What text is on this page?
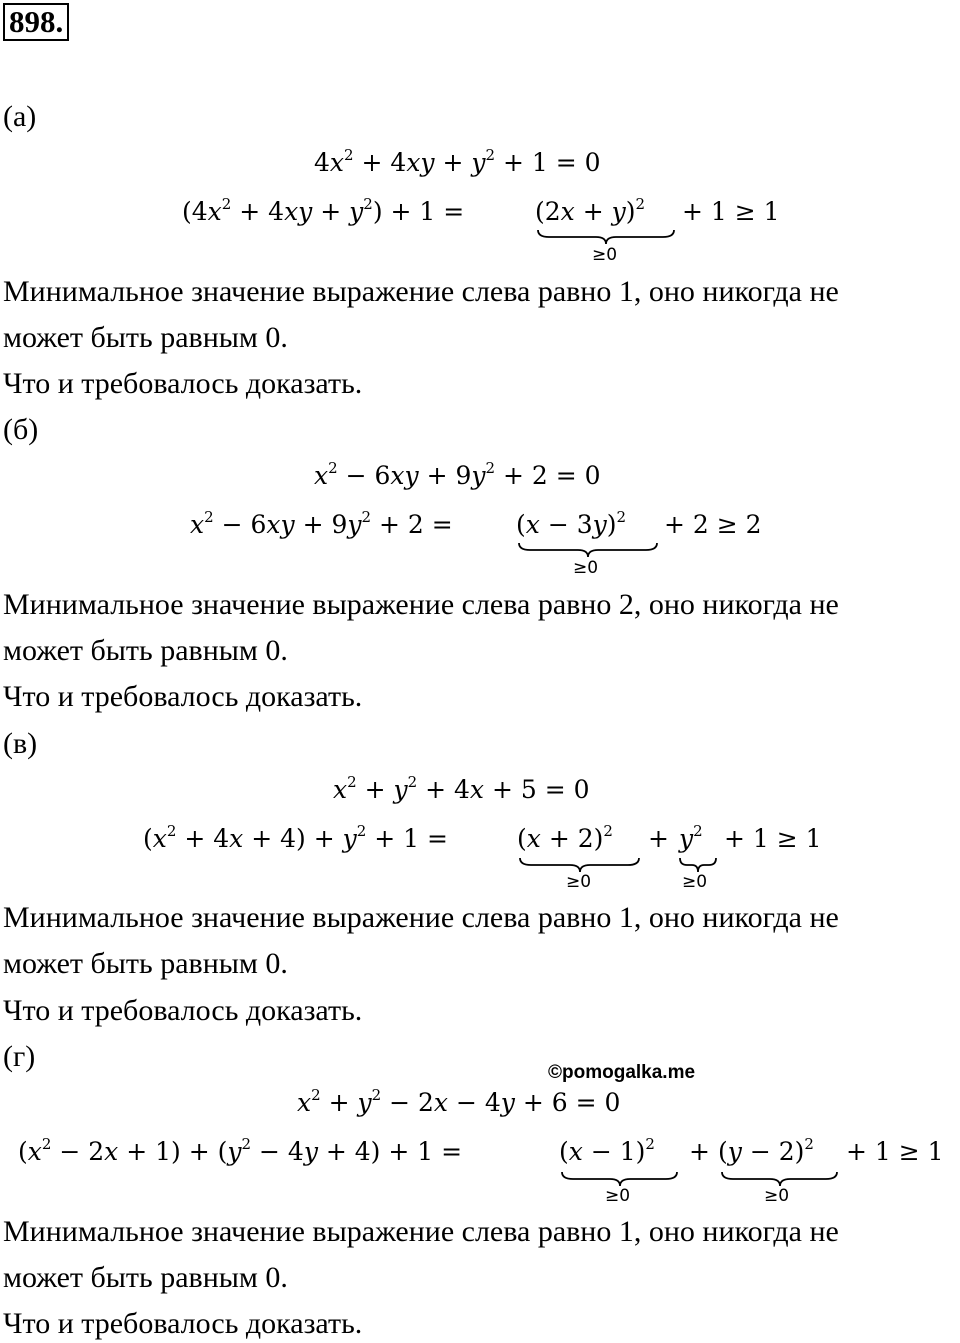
898.
(а)
$4x^2 + 4xy + y^2 + 1 = 0$
$(4x^2 + 4xy + y^2) + 1$ =	$(2x + y)^2 + 1 \ge 1$
≥0
Минимальное значение выражение слева равно 1, оно никогда не
может быть равным 0.
Что и требовалось доказать.
(б)
$x^2 - 6xy + 9y^2 + 2 = 0$
$x^2 - 6xy + 9y^2 + 2$ =	$(x - 3y)^2 + 2 \ge 2$
≥0
Минимальное значение выражение слева равно 2, оно никогда не
может быть равным 0.
Что и требовалось доказать.
(в)
$x^2 + y^2 + 4x + 5 = 0$
$(x^2 + 4x + 4) + y^2 + 1$ =	$(x + 2)^2 + y^2 + 1 \ge 1$
≥0	≥0
Минимальное значение выражение слева равно 1, оно никогда не
может быть равным 0.
Что и требовалось доказать.
(г)	©pomogalka.me
$x^2 + y^2 - 2x - 4y + 6 = 0$
$(x^2 - 2x + 1) + (y^2 - 4y + 4) + 1$ =	$(x - 1)^2 + (y - 2)^2 + 1 \ge 1$
≥0	≥0
Минимальное значение выражение слева равно 1, оно никогда не
может быть равным 0.
Что и требовалось доказать.
